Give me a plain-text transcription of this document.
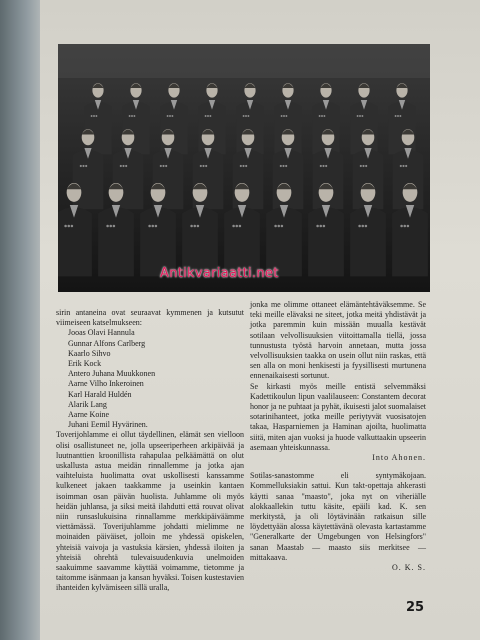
Antikvariaatti.net

sirin antaneina ovat seuraavat kymmenen ja kutsutut viimeiseen katselmukseen:

Jooas Olavi Hannula
Gunnar Alfons Carlberg
Kaarlo Sihvo
Erik Kock
Antero Juhana Muukkonen
Aarne Vilho Inkeroinen
Karl Harald Huldén
Alarik Lang
Aarne Koine
Juhani Eemil Hyvärinen.

Toverijohlamme ei ollut täydellinen, elämät sen vielloon olisi osallistuneet ne, jolla upseeriperheen arkipäivää ja luutnanttien kroonillista rahapulaa pelkäämättä on olut uskallusta astua meidän rinnallemme ja jotka ajan vaihteluista huolimatta ovat uskollisesti kanssamme kulkeneet jakaen taakkamme ja useinkin kantaen isoimman osan päivän huolista. Juhlamme oli myös heidän juhlansa, ja siksi meitä ilahdutti että rouvat olivat niin runsaslukuisina rinnallamme merkkipäiväämme viettämässä. Toverijuhlamme johdatti mielimme ne moinaiden päiväiset, jolloin me yhdessä opiskelen, yhteisiä vaivoja ja vastuksia kärsien, yhdessä iloiten ja yhteisiä ohrehtä tulevaisuudenkuvia unelmoiden saakuimme saavamme käyttää voimamme, tietomme ja taitomme isänmaan ja kansan hyväksi. Toisen kustestavien ihanteiden kylvämiseen sillä uralla,

jonka me olimme ottaneet elämäntehtäväksemme. Se teki meille elävaksi ne siteet, jotka meitä yhdistävät ja jotka paremmin kuin missään muualla kestävät sotilaan velvollisuuksien viitoittamalla tiellä, jossa tunnustusta työstä harvoin annetaan, mutta jossa velvollisuuksien taakka on usein ollut niin raskas, että sen alla on moni henkisesti ja fyysillisesti murtunena ennenaikaisesti sortunut.

Se kirkasti myös meille entistä selvemmäksi Kadettikoulun lipun vaalilauseen: Constantem decorat honor ja ne puhtaat ja pyhät, ikuisesti jalot suomalaiset sotarinihanteet, jotka meille periytyvät vuosisatojen takaa, Hasparniemen ja Haminan ajoilta, huolimatta siitä, miten ajan vuoksi ja huode valkuttaakin upseerin asemaan yhteiskunnassa.

Into Ahonen.

Sotilas-sanastomme eli syntymäkojaan. Kommelluksiakin sattui. Kun takt-opettaja ahkerasti käytti sanaa "maasto", joka nyt on viheriälle alokkaallekin tuttu käsite, epäili kad. K. sen merkitystä, ja oli löytävinään ratkaisun sille löydettyään alossa käytettävänä olevasta kartastamme "Generalkarte der Umgebungen von Helsingfors" sanan Maastab — maasto siis merkitsee — mittakaava.

O. K. S.

25
